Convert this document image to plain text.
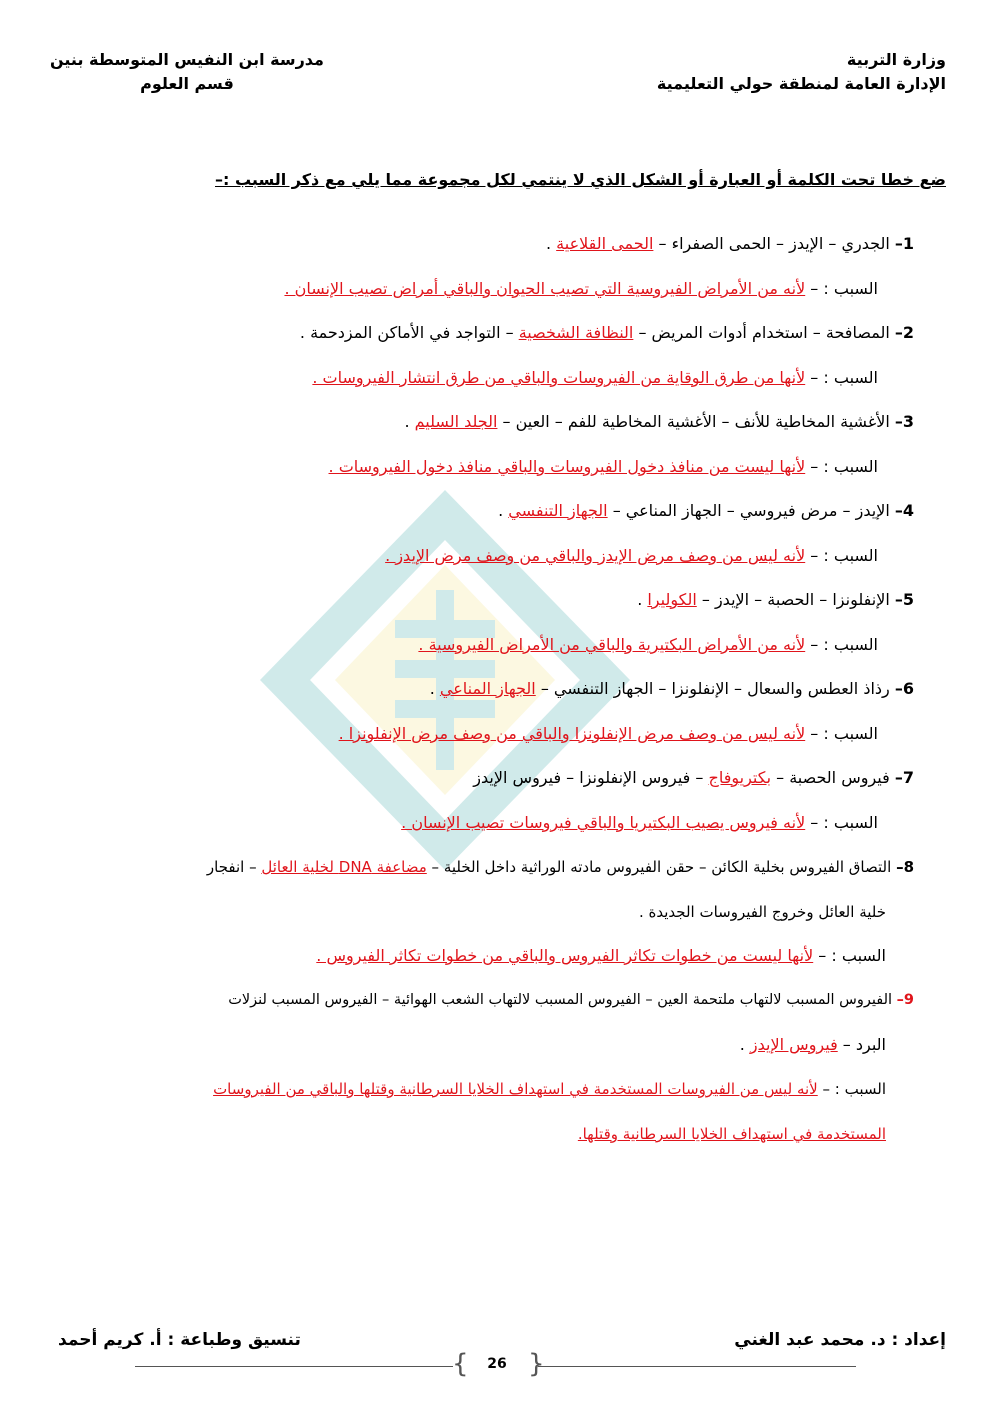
وزارة التربية
الإدارة العامة لمنطقة حولي التعليمية
مدرسة ابن النفيس المتوسطة بنين
قسم العلوم
ضع خطا تحت الكلمة أو العبارة أو الشكل الذي لا ينتمي لكل مجموعة مما يلي مع ذكر السبب :–
1– الجدري – الإيدز – الحمى الصفراء – الحمى القلاعية .
السبب : – لأنه من الأمراض الفيروسية التي تصيب الحيوان والباقي أمراض تصيب الإنسان .
2– المصافحة – استخدام أدوات المريض – النظافة الشخصية – التواجد في الأماكن المزدحمة .
السبب : – لأنها من طرق الوقاية من الفيروسات والباقي من طرق انتشار الفيروسات .
3– الأغشية المخاطية للأنف – الأغشية المخاطية للفم – العين – الجلد السليم .
السبب : – لأنها ليست من منافذ دخول الفيروسات والباقي منافذ دخول الفيروسات .
4– الإيدز – مرض فيروسي – الجهاز المناعي – الجهاز التنفسي .
السبب : – لأنه ليس من وصف مرض الإيدز والباقي من وصف مرض الإيدز .
5– الإنفلونزا – الحصبة – الإيدز – الكوليرا .
السبب : – لأنه من الأمراض البكتيرية والباقي من الأمراض الفيروسية .
6– رذاذ العطس والسعال – الإنفلونزا – الجهاز التنفسي – الجهاز المناعي .
السبب : – لأنه ليس من وصف مرض الإنفلونزا والباقي من وصف مرض الإنفلونزا .
7– فيروس الحصبة – بكتريوفاج – فيروس الإنفلونزا – فيروس الإيدز
السبب : – لأنه فيروس يصيب البكتيريا والباقي فيروسات تصيب الإنسان .
8– التصاق الفيروس بخلية الكائن – حقن الفيروس مادته الوراثية داخل الخلية – مضاعفة DNA لخلية العائل – انفجار
خلية العائل وخروج الفيروسات الجديدة .
السبب : – لأنها ليست من خطوات تكاثر الفيروس والباقي من خطوات تكاثر الفيروس .
9– الفيروس المسبب لالتهاب ملتحمة العين – الفيروس المسبب لالتهاب الشعب الهوائية – الفيروس المسبب لنزلات
البرد – فيروس الإيدز .
السبب : – لأنه ليس من الفيروسات المستخدمة في استهداف الخلايا السرطانية وقتلها والباقي من الفيروسات
المستخدمة في استهداف الخلايا السرطانية وقتلها.
إعداد : د. محمد عبد الغني
تنسيق وطباعة : أ. كريم أحمد
{ }
26
